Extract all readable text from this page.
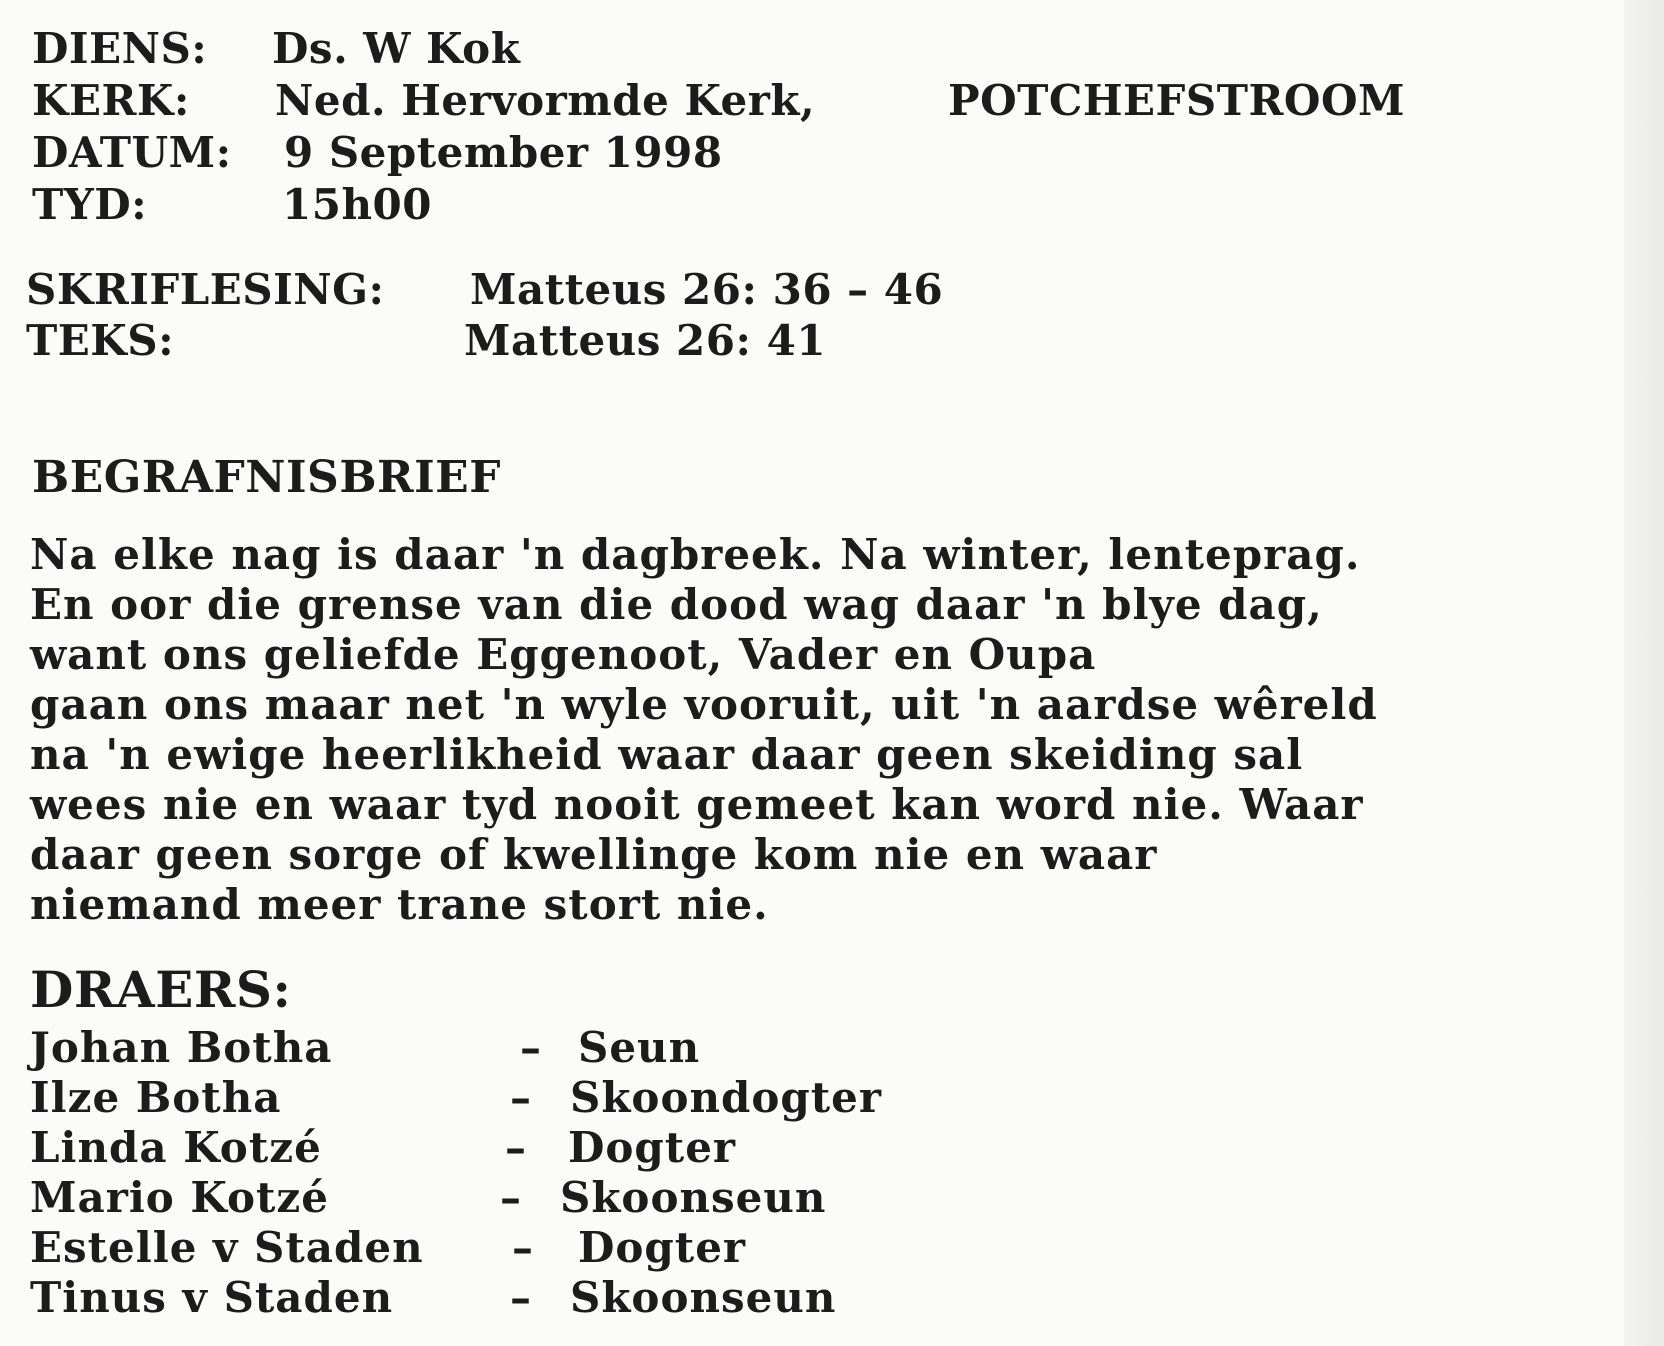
DIENS: Ds. W Kok

KERK: Ned. Hervormde Kerk,	POTCHEFSTROOM

DATUM: 9 September 1998

TYD:	15h00

SKRIFLESING: Matteus 26: 36 – 46

TEKS:	Matteus 26: 41

BEGRAFNISBRIEF

Na elke nag is daar 'n dagbreek. Na winter, lenteprag.

En oor die grense van die dood wag daar 'n blye dag,

want ons geliefde Eggenoot, Vader en Oupa

gaan ons maar net 'n wyle vooruit, uit 'n aardse wêreld

na 'n ewige heerlikheid waar daar geen skeiding sal

wees nie en waar tyd nooit gemeet kan word nie. Waar

daar geen sorge of kwellinge kom nie en waar

niemand meer trane stort nie.

DRAERS:

Johan Botha	– Seun

Ilze Botha	– Skoondogter

Linda Kotzé	– Dogter

Mario Kotzé	– Skoonseun

Estelle v Staden – Dogter

Tinus v Staden	– Skoonseun
